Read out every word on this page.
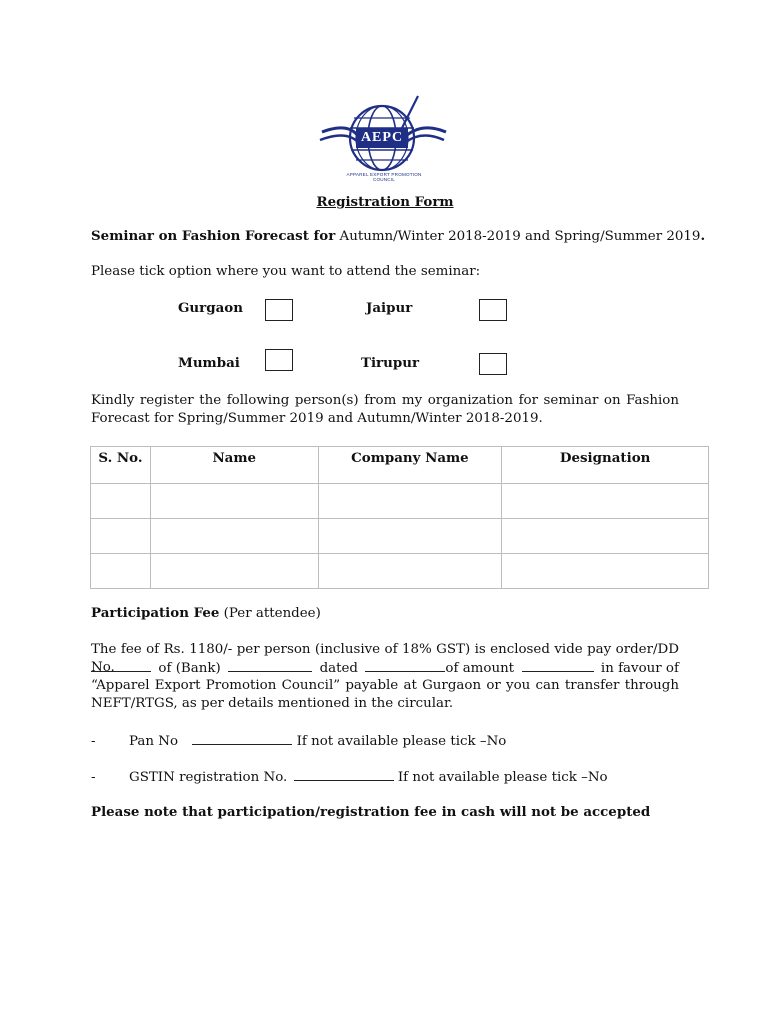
AEPC
APPAREL EXPORT PROMOTION COUNCIL
Registration Form
Seminar on Fashion Forecast for Autumn/Winter 2018-2019 and Spring/Summer 2019.
Please tick option where you want to attend the seminar:
Gurgaon	Jaipur
Mumbai	Tirupur
Kindly register the following person(s) from my organization for seminar on Fashion Forecast for Spring/Summer 2019 and Autumn/Winter 2018-2019.
S. No.	Name	Company Name	Designation

Participation Fee (Per attendee)
The fee of Rs. 1180/- per person (inclusive of 18% GST) is enclosed vide pay order/DD No.	of (Bank)	dated	of amount	in favour of
“Apparel Export Promotion Council” payable at Gurgaon or you can transfer through NEFT/RTGS, as per details mentioned in the circular.
- Pan No	If not available please tick –No
- GSTIN registration No.	If not available please tick –No
Please note that participation/registration fee in cash will not be accepted
